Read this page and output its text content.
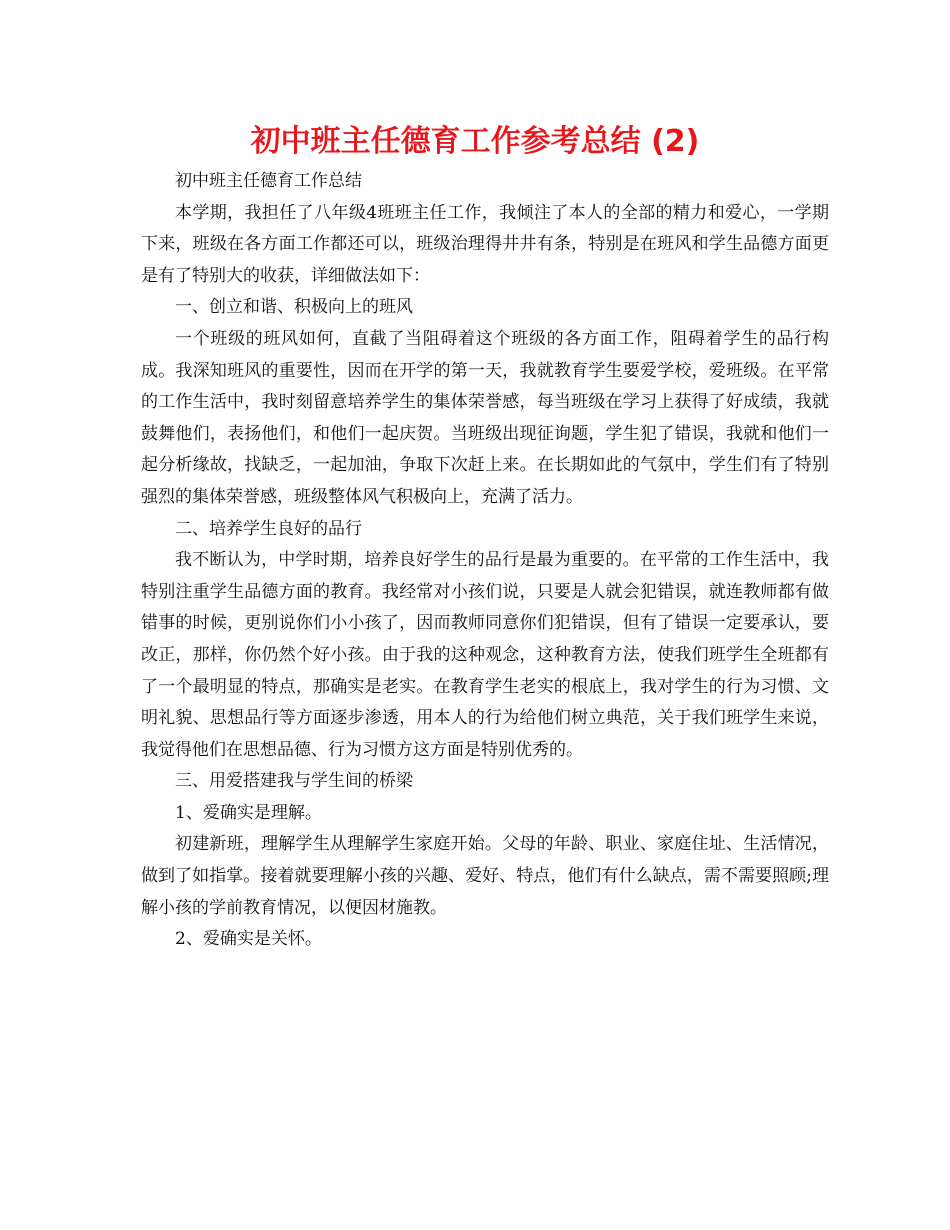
初中班主任德育工作参考总结 (2)

初中班主任德育工作总结

本学期，我担任了八年级4班班主任工作，我倾注了本人的全部的精力和爱心，一学期下来，班级在各方面工作都还可以，班级治理得井井有条，特别是在班风和学生品德方面更是有了特别大的收获，详细做法如下：

一、创立和谐、积极向上的班风

一个班级的班风如何，直截了当阻碍着这个班级的各方面工作，阻碍着学生的品行构成。我深知班风的重要性，因而在开学的第一天，我就教育学生要爱学校，爱班级。在平常的工作生活中，我时刻留意培养学生的集体荣誉感，每当班级在学习上获得了好成绩，我就鼓舞他们，表扬他们，和他们一起庆贺。当班级出现征询题，学生犯了错误，我就和他们一起分析缘故，找缺乏，一起加油，争取下次赶上来。在长期如此的气氛中，学生们有了特别强烈的集体荣誉感，班级整体风气积极向上，充满了活力。

二、培养学生良好的品行

我不断认为，中学时期，培养良好学生的品行是最为重要的。在平常的工作生活中，我特别注重学生品德方面的教育。我经常对小孩们说，只要是人就会犯错误，就连教师都有做错事的时候，更别说你们小小孩了，因而教师同意你们犯错误，但有了错误一定要承认，要改正，那样，你仍然个好小孩。由于我的这种观念，这种教育方法，使我们班学生全班都有了一个最明显的特点，那确实是老实。在教育学生老实的根底上，我对学生的行为习惯、文明礼貌、思想品行等方面逐步渗透，用本人的行为给他们树立典范，关于我们班学生来说，我觉得他们在思想品德、行为习惯方这方面是特别优秀的。

三、用爱搭建我与学生间的桥梁

1、爱确实是理解。

初建新班，理解学生从理解学生家庭开始。父母的年龄、职业、家庭住址、生活情况，做到了如指掌。接着就要理解小孩的兴趣、爱好、特点，他们有什么缺点，需不需要照顾;理解小孩的学前教育情况，以便因材施教。

2、爱确实是关怀。
